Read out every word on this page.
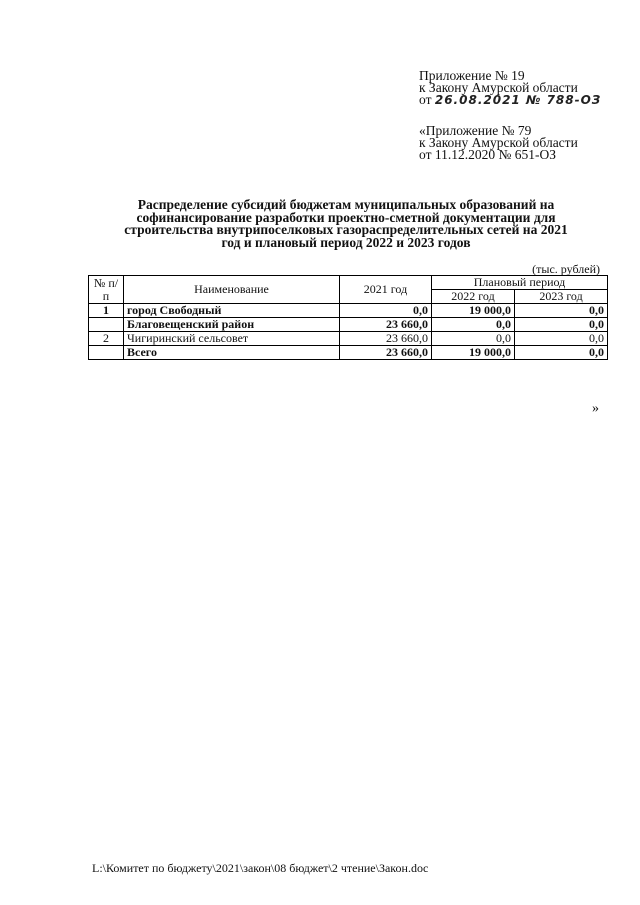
Приложение № 19
к Закону Амурской области
от 26.08.2021 № 788-ОЗ
«Приложение № 79
к Закону Амурской области
от 11.12.2020 № 651-ОЗ
Распределение субсидий бюджетам муниципальных образований на
софинансирование разработки проектно-сметной документации для
строительства внутрипоселковых газораспределительных сетей на 2021
год и плановый период 2022 и 2023 годов
(тыс. рублей)
№ п/п	Наименование	2021 год	Плановый период	
			2022 год	2023 год
1	город Свободный	0,0	19 000,0	0,0
	Благовещенский район	23 660,0	0,0	0,0
2	Чигиринский сельсовет	23 660,0	0,0	0,0
	Всего	23 660,0	19 000,0	0,0
»
L:\Комитет по бюджету\2021\закон\08 бюджет\2 чтение\Закон.doc
